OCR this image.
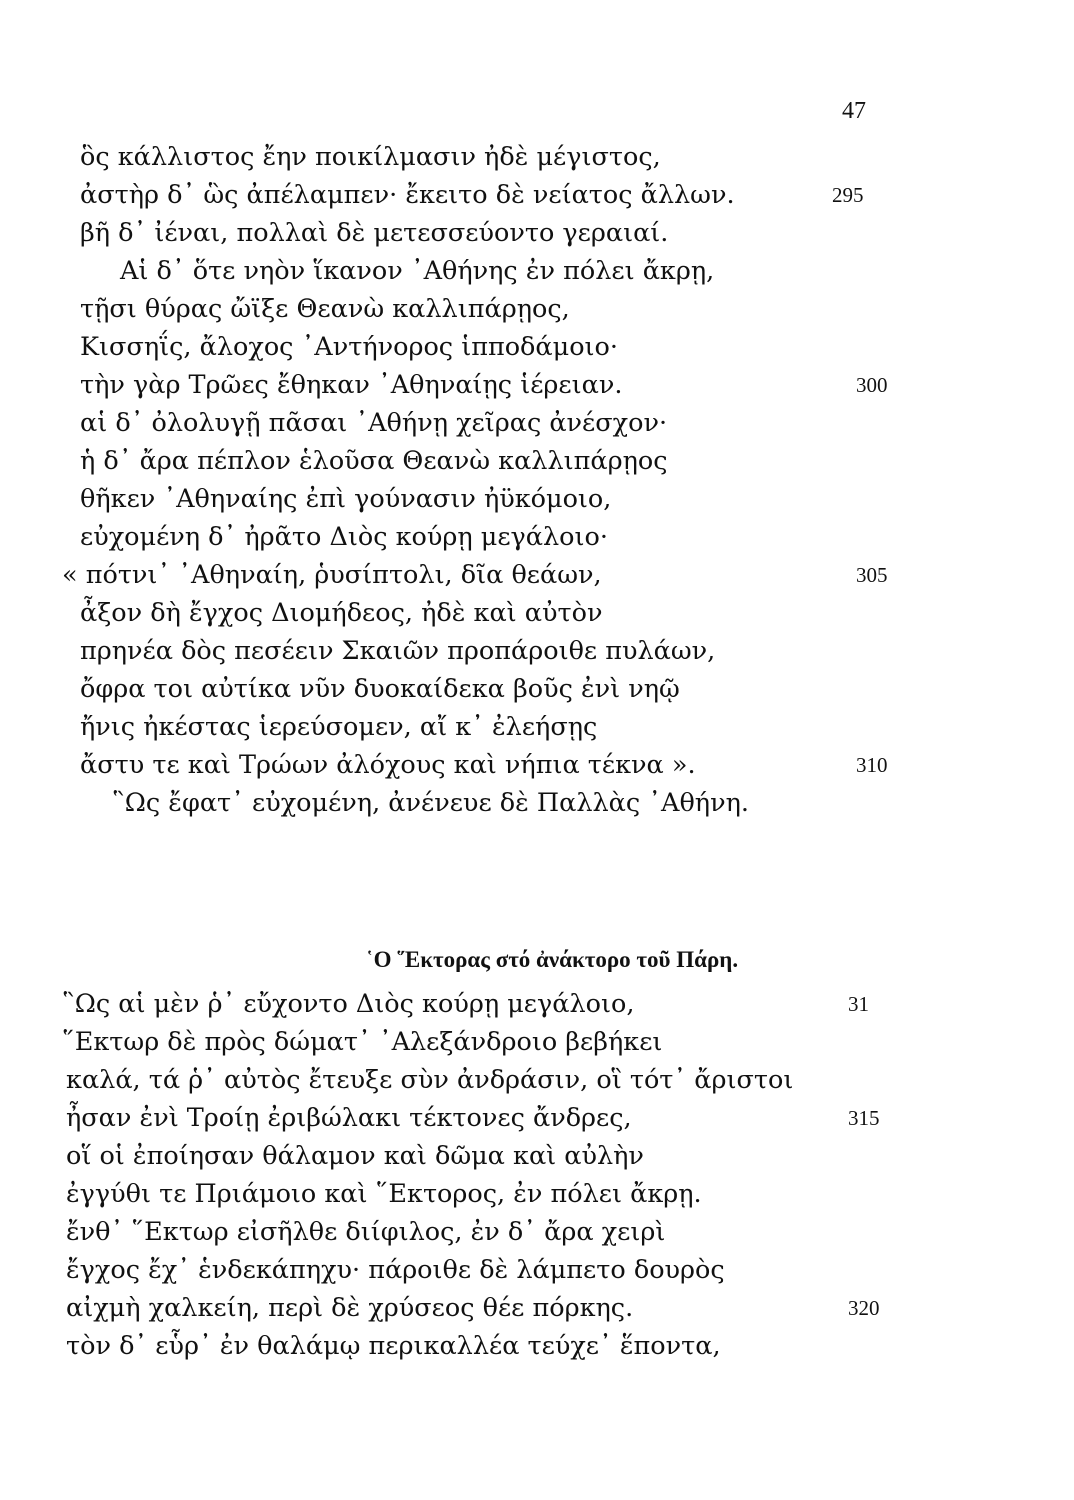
47
ὃς κάλλιστος ἔην ποικίλμασιν ἠδὲ μέγιστος,
ἀστὴρ δ᾽ ὣς ἀπέλαμπεν· ἔκειτο δὲ νείατος ἄλλων.	295
βῆ δ᾽ ἰέναι, πολλαὶ δὲ μετεσσεύοντο γεραιαί.
Αἱ δ᾽ ὅτε νηὸν ἵκανον ᾽Αθήνης ἐν πόλει ἄκρῃ,
τῇσι θύρας ὤϊξε Θεανὼ καλλιπάρῃος,
Κισσηΐς, ἄλοχος ᾽Αντήνορος ἱπποδάμοιο·
τὴν γὰρ Τρῶες ἔθηκαν ᾽Αθηναίῃς ἱέρειαν.	300
αἱ δ᾽ ὀλολυγῇ πᾶσαι ᾽Αθήνῃ χεῖρας ἀνέσχον·
ἡ δ᾽ ἄρα πέπλον ἑλοῦσα Θεανὼ καλλιπάρῃος
θῆκεν ᾽Αθηναίης ἐπὶ γούνασιν ἠϋκόμοιο,
εὐχομένη δ᾽ ἠρᾶτο Διὸς κούρῃ μεγάλοιο·
« πότνι᾽ ᾽Αθηναίη, ῥυσίπτολι, δῖα θεάων,	305
ἆξον δὴ ἔγχος Διομήδεος, ἠδὲ καὶ αὐτὸν
πρηνέα δὸς πεσέειν Σκαιῶν προπάροιθε πυλάων,
ὄφρα τοι αὐτίκα νῦν δυοκαίδεκα βοῦς ἐνὶ νηῷ
ἤνις ἠκέστας ἱερεύσομεν, αἴ κ᾽ ἐλεήσῃς
ἄστυ τε καὶ Τρώων ἀλόχους καὶ νήπια τέκνα ».	310
῝Ως ἔφατ᾽ εὐχομένη, ἀνένευε δὲ Παλλὰς ᾽Αθήνη.
῾Ο ῞Εκτορας στό ἀνάκτορο τοῦ Πάρη.
῝Ως αἱ μὲν ῥ᾽ εὔχοντο Διὸς κούρῃ μεγάλοιο,	31
῞Εκτωρ δὲ πρὸς δώματ᾽ ᾽Αλεξάνδροιο βεβήκει
καλά, τά ῥ᾽ αὐτὸς ἔτευξε σὺν ἀνδράσιν, οἳ τότ᾽ ἄριστοι
ἦσαν ἐνὶ Τροίῃ ἐριβώλακι τέκτονες ἄνδρες,	315
οἵ οἱ ἐποίησαν θάλαμον καὶ δῶμα καὶ αὐλὴν
ἐγγύθι τε Πριάμοιο καὶ ῞Εκτορος, ἐν πόλει ἄκρῃ.
ἔνθ᾽ ῞Εκτωρ εἰσῆλθε διίφιλος, ἐν δ᾽ ἄρα χειρὶ
ἔγχος ἔχ᾽ ἑνδεκάπηχυ· πάροιθε δὲ λάμπετο δουρὸς
αἰχμὴ χαλκείη, περὶ δὲ χρύσεος θέε πόρκης.	320
τὸν δ᾽ εὗρ᾽ ἐν θαλάμῳ περικαλλέα τεύχε᾽ ἕποντα,
